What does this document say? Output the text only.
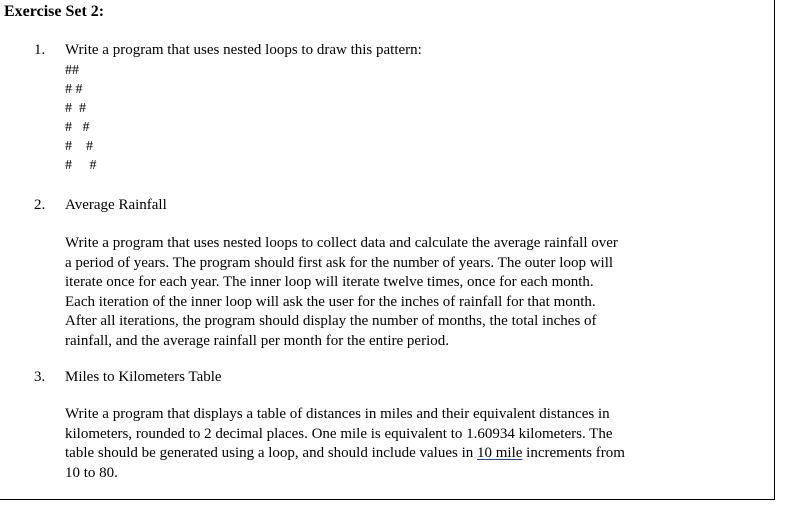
Exercise Set 2:
1. Write a program that uses nested loops to draw this pattern:
##
# #
#  #
#   #
#    #
#     #
2. Average Rainfall
Write a program that uses nested loops to collect data and calculate the average rainfall over
a period of years. The program should first ask for the number of years. The outer loop will
iterate once for each year. The inner loop will iterate twelve times, once for each month.
Each iteration of the inner loop will ask the user for the inches of rainfall for that month.
After all iterations, the program should display the number of months, the total inches of
rainfall, and the average rainfall per month for the entire period.
3. Miles to Kilometers Table
Write a program that displays a table of distances in miles and their equivalent distances in
kilometers, rounded to 2 decimal places. One mile is equivalent to 1.60934 kilometers. The
table should be generated using a loop, and should include values in 10 mile increments from
10 to 80.
